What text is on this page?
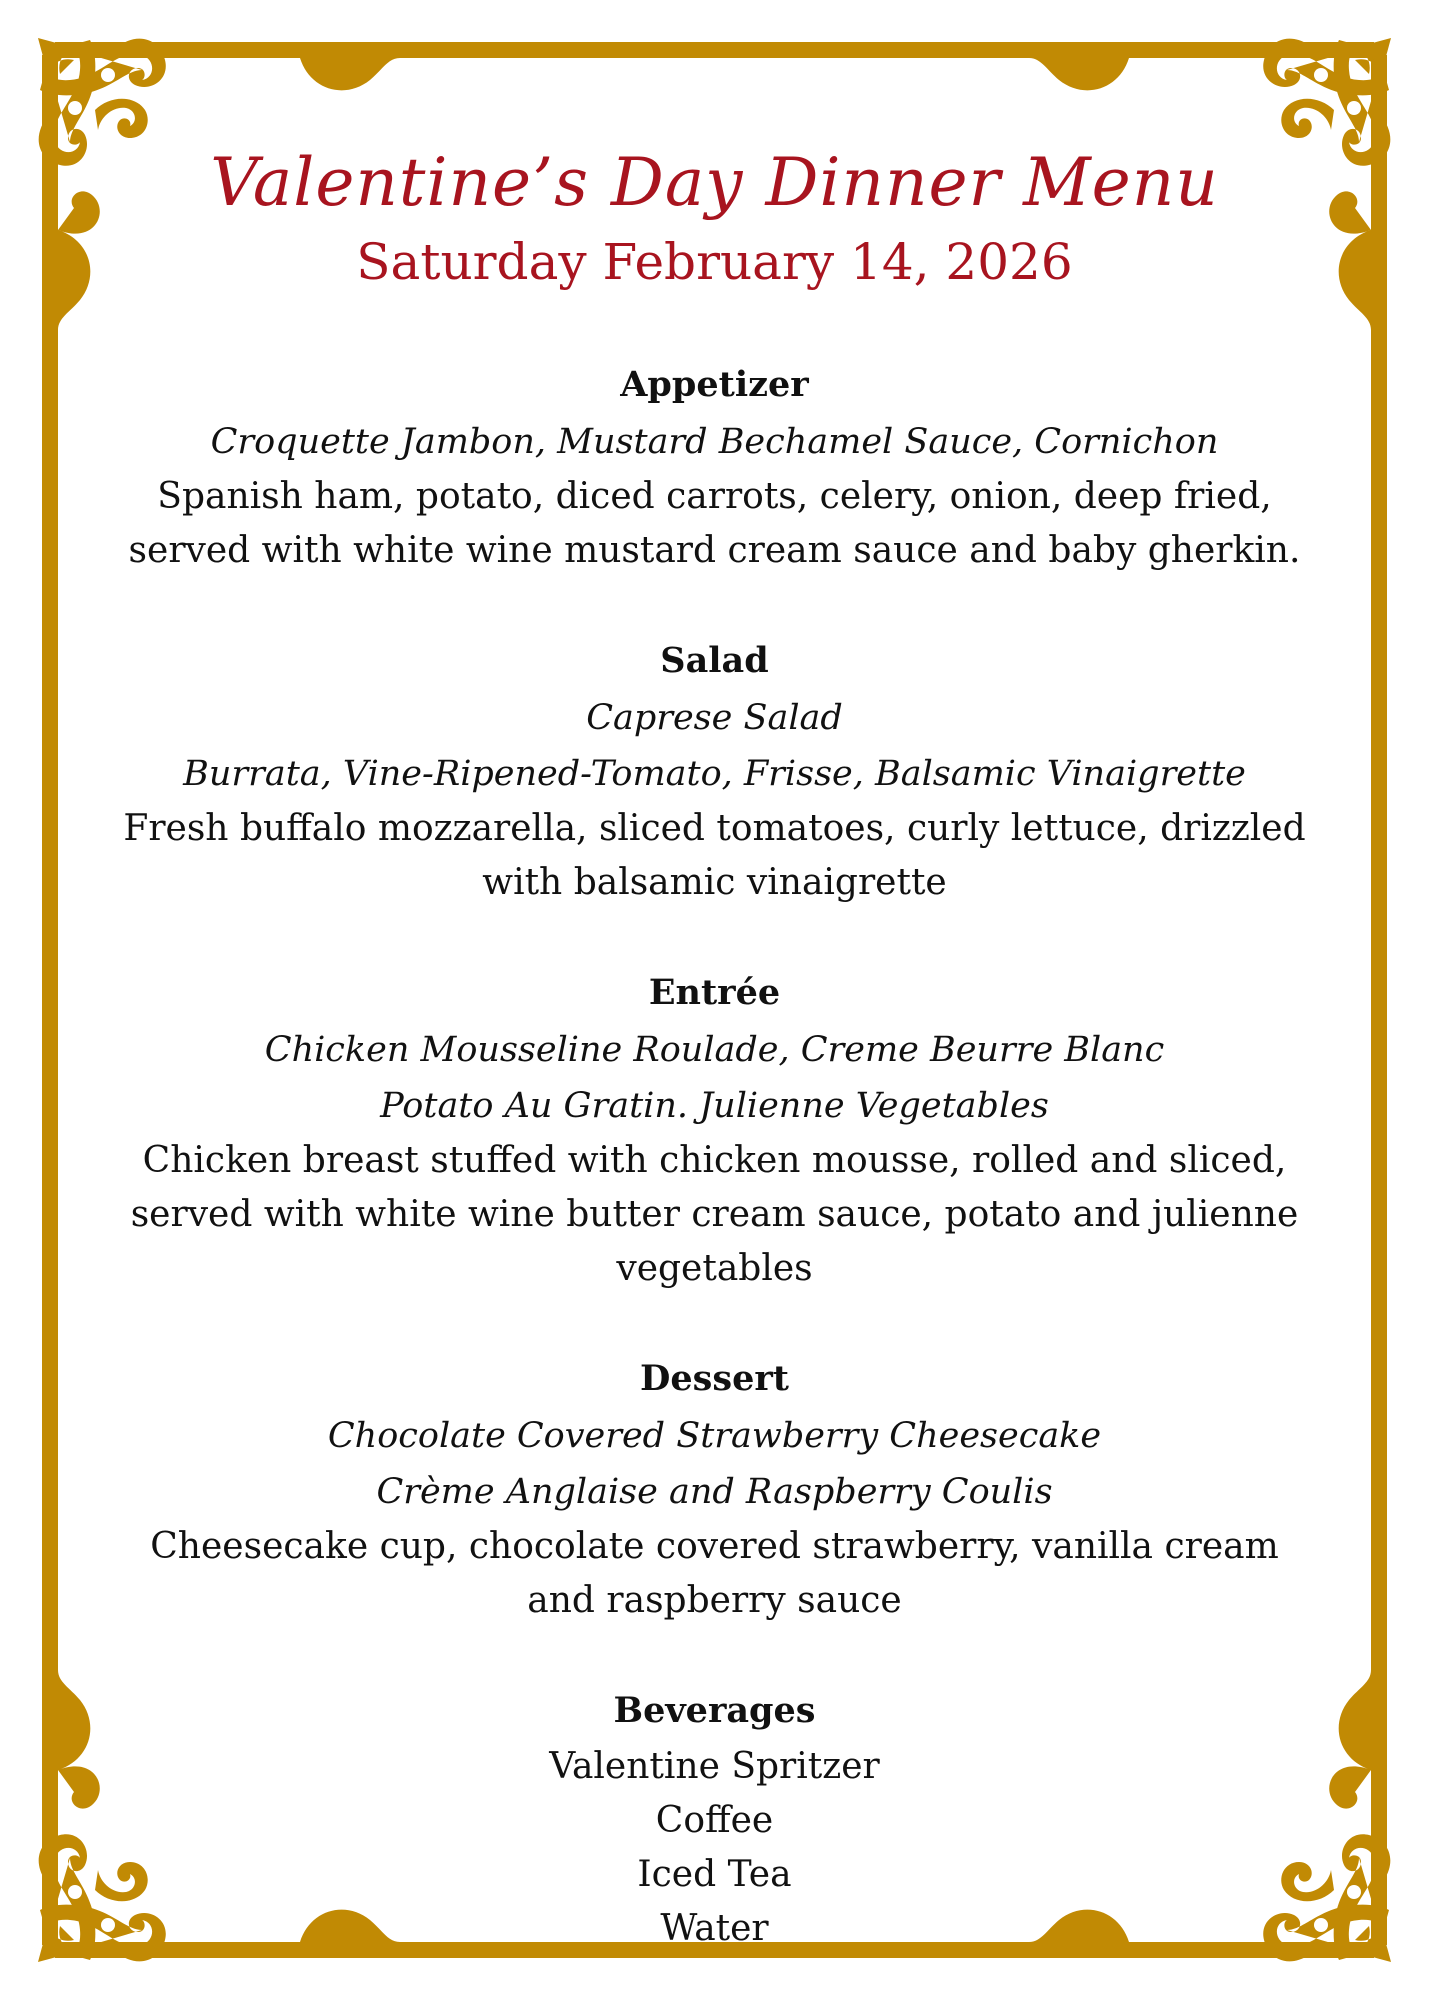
Valentine’s Day Dinner Menu
Saturday February 14, 2026
Appetizer
Croquette Jambon, Mustard Bechamel Sauce, Cornichon
Spanish ham, potato, diced carrots, celery, onion, deep fried, served with white wine mustard cream sauce and baby gherkin.
Salad
Caprese Salad
Burrata, Vine-Ripened-Tomato, Frisse, Balsamic Vinaigrette
Fresh buffalo mozzarella, sliced tomatoes, curly lettuce, drizzled with balsamic vinaigrette
Entrée
Chicken Mousseline Roulade, Creme Beurre Blanc
Potato Au Gratin. Julienne Vegetables
Chicken breast stuffed with chicken mousse, rolled and sliced, served with white wine butter cream sauce, potato and julienne vegetables
Dessert
Chocolate Covered Strawberry Cheesecake
Crème Anglaise and Raspberry Coulis
Cheesecake cup, chocolate covered strawberry, vanilla cream and raspberry sauce
Beverages
Valentine Spritzer
Coffee
Iced Tea
Water
